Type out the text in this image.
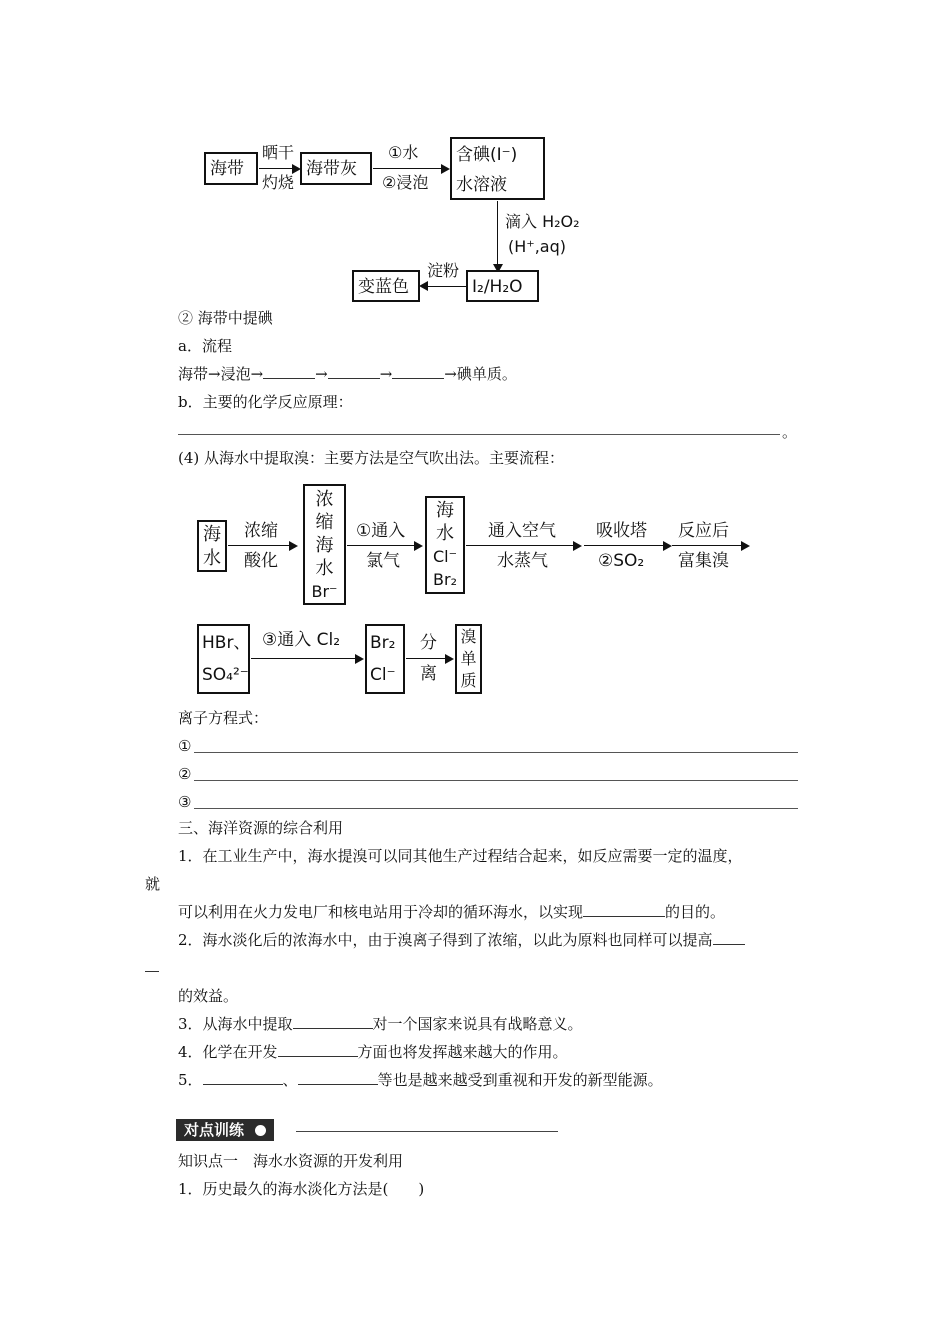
海带
晒干
灼烧
海带灰
①水
②浸泡
含碘(I⁻)
水溶液
滴入 H₂O₂
(H⁺,aq)
I₂/H₂O
淀粉
变蓝色
② 海带中提碘
a．流程
海带→浸泡→	→	→	→碘单质。
b．主要的化学反应原理：
。
(4) 从海水中提取溴：主要方法是空气吹出法。主要流程：
海
水
浓缩
酸化
浓
缩
海
水
Br⁻
①通入
氯气
海
水
Cl⁻
Br₂
通入空气
水蒸气
吸收塔
②SO₂
反应后
富集溴
HBr、
SO₄²⁻
③通入 Cl₂ Br₂
Cl⁻
分
离
溴
单
质
离子方程式：
①
②
③
三、海洋资源的综合利用
1．在工业生产中，海水提溴可以同其他生产过程结合起来，如反应需要一定的温度，
就
可以利用在火力发电厂和核电站用于冷却的循环海水，以实现	的目的。
2．海水淡化后的浓海水中，由于溴离子得到了浓缩，以此为原料也同样可以提高
的效益。
3．从海水中提取	对一个国家来说具有战略意义。
4．化学在开发	方面也将发挥越来越大的作用。
5．	、	等也是越来越受到重视和开发的新型能源。
对点训练
知识点一　海水水资源的开发利用
1．历史最久的海水淡化方法是(　　)
